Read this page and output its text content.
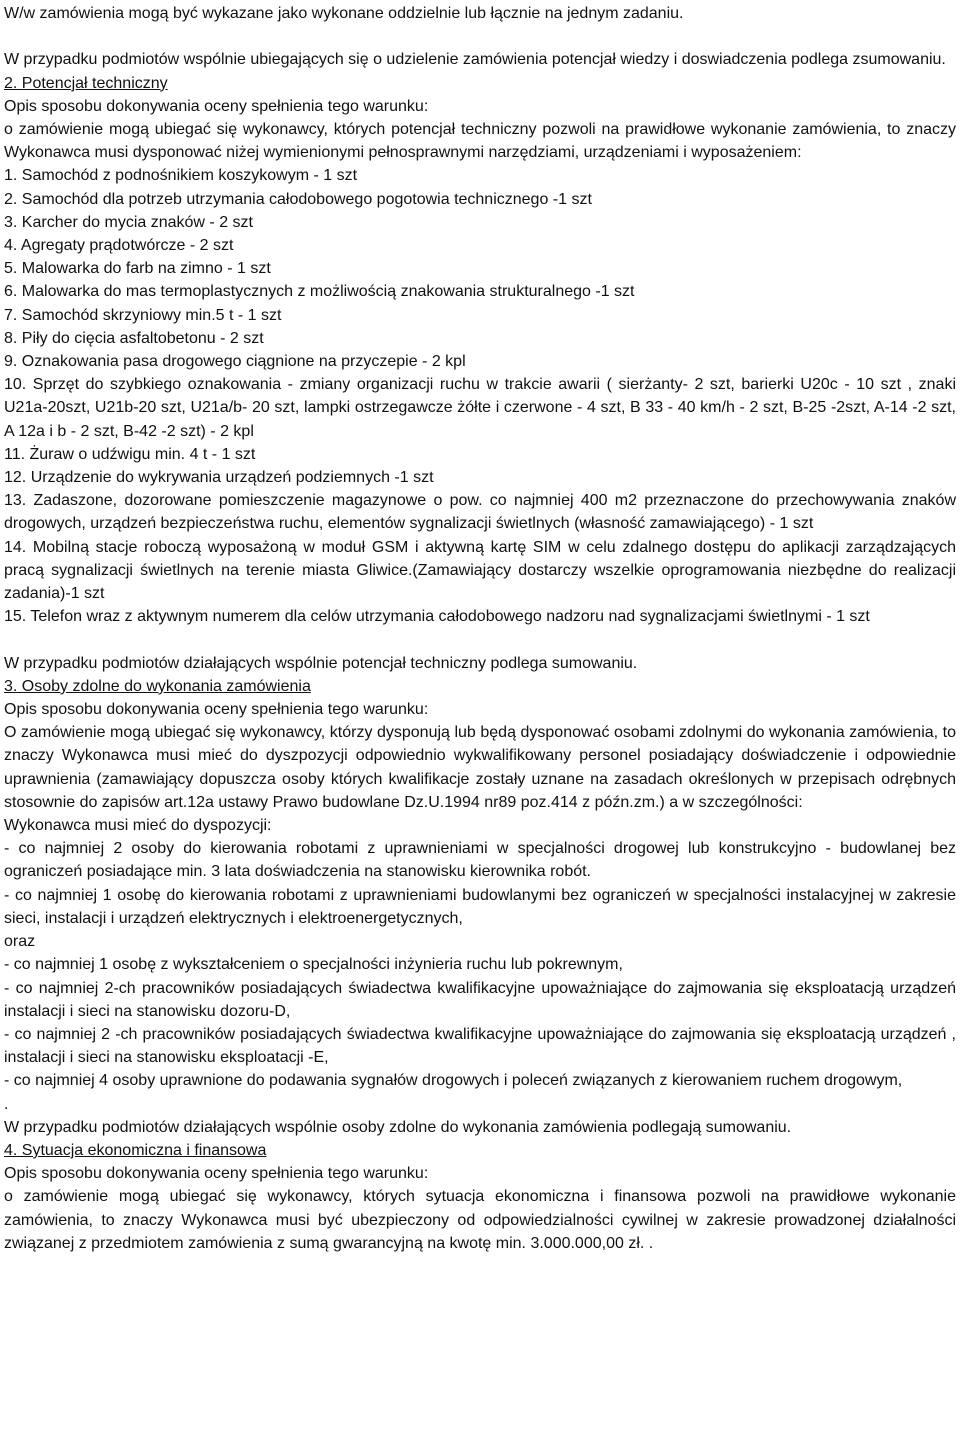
W/w zamówienia mogą być wykazane jako wykonane oddzielnie lub łącznie na jednym zadaniu.

W przypadku podmiotów wspólnie ubiegających się o udzielenie zamówienia potencjał wiedzy i doswiadczenia podlega zsumowaniu.

2. Potencjał techniczny

Opis sposobu dokonywania oceny spełnienia tego warunku:

o zamówienie mogą ubiegać się wykonawcy, których potencjał techniczny pozwoli na prawidłowe wykonanie zamówienia, to znaczy Wykonawca musi dysponować niżej wymienionymi pełnosprawnymi narzędziami, urządzeniami i wyposażeniem:

1. Samochód z podnośnikiem koszykowym - 1 szt

2. Samochód dla potrzeb utrzymania całodobowego pogotowia technicznego -1 szt

3. Karcher do mycia znaków - 2 szt

4. Agregaty prądotwórcze - 2 szt

5. Malowarka do farb na zimno - 1 szt

6. Malowarka do mas termoplastycznych z możliwością znakowania strukturalnego -1 szt

7. Samochód skrzyniowy min.5 t - 1 szt

8. Piły do cięcia asfaltobetonu - 2 szt

9. Oznakowania pasa drogowego ciągnione na przyczepie - 2 kpl

10. Sprzęt do szybkiego oznakowania - zmiany organizacji ruchu w trakcie awarii ( sierżanty- 2 szt, barierki U20c - 10 szt , znaki U21a-20szt, U21b-20 szt, U21a/b- 20 szt, lampki ostrzegawcze żółte i czerwone - 4 szt, B 33 - 40 km/h - 2 szt, B-25 -2szt, A-14 -2 szt, A 12a i b - 2 szt, B-42 -2 szt) - 2 kpl

11. Żuraw o udźwigu min. 4 t - 1 szt

12. Urządzenie do wykrywania urządzeń podziemnych -1 szt

13. Zadaszone, dozorowane pomieszczenie magazynowe o pow. co najmniej 400 m2 przeznaczone do przechowywania znaków drogowych, urządzeń bezpieczeństwa ruchu, elementów sygnalizacji świetlnych (własność zamawiającego) - 1 szt

14. Mobilną stacje roboczą wyposażoną w moduł GSM i aktywną kartę SIM w celu zdalnego dostępu do aplikacji zarządzających pracą sygnalizacji świetlnych na terenie miasta Gliwice.(Zamawiający dostarczy wszelkie oprogramowania niezbędne do realizacji zadania)-1 szt

15. Telefon wraz z aktywnym numerem dla celów utrzymania całodobowego nadzoru nad sygnalizacjami świetlnymi - 1 szt

W przypadku podmiotów działających wspólnie potencjał techniczny podlega sumowaniu.

3. Osoby zdolne do wykonania zamówienia

Opis sposobu dokonywania oceny spełnienia tego warunku:

O zamówienie mogą ubiegać się wykonawcy, którzy dysponują lub będą dysponować osobami zdolnymi do wykonania zamówienia, to znaczy Wykonawca musi mieć do dyszpozycji odpowiednio wykwalifikowany personel posiadający doświadczenie i odpowiednie uprawnienia (zamawiający dopuszcza osoby których kwalifikacje zostały uznane na zasadach określonych w przepisach odrębnych stosownie do zapisów art.12a ustawy Prawo budowlane Dz.U.1994 nr89 poz.414 z późn.zm.) a w szczególności:

Wykonawca musi mieć do dyspozycji:

- co najmniej 2 osoby do kierowania robotami z uprawnieniami w specjalności drogowej lub konstrukcyjno - budowlanej bez ograniczeń posiadające min. 3 lata doświadczenia na stanowisku kierownika robót.

- co najmniej 1 osobę do kierowania robotami z uprawnieniami budowlanymi bez ograniczeń w specjalności instalacyjnej w zakresie sieci, instalacji i urządzeń elektrycznych i elektroenergetycznych,

oraz

- co najmniej 1 osobę z wykształceniem o specjalności inżynieria ruchu lub pokrewnym,

- co najmniej 2-ch pracowników posiadających świadectwa kwalifikacyjne upoważniające do zajmowania się eksploatacją urządzeń instalacji i sieci na stanowisku dozoru-D,

- co najmniej 2 -ch pracowników posiadających świadectwa kwalifikacyjne upoważniające do zajmowania się eksploatacją urządzeń , instalacji i sieci na stanowisku eksploatacji -E,

- co najmniej 4 osoby uprawnione do podawania sygnałów drogowych i poleceń związanych z kierowaniem ruchem drogowym,

.

W przypadku podmiotów działających wspólnie osoby zdolne do wykonania zamówienia podlegają sumowaniu.

4. Sytuacja ekonomiczna i finansowa

Opis sposobu dokonywania oceny spełnienia tego warunku:

o zamówienie mogą ubiegać się wykonawcy, których sytuacja ekonomiczna i finansowa pozwoli na prawidłowe wykonanie zamówienia, to znaczy Wykonawca musi być ubezpieczony od odpowiedzialności cywilnej w zakresie prowadzonej działalności związanej z przedmiotem zamówienia z sumą gwarancyjną na kwotę min. 3.000.000,00 zł. .
